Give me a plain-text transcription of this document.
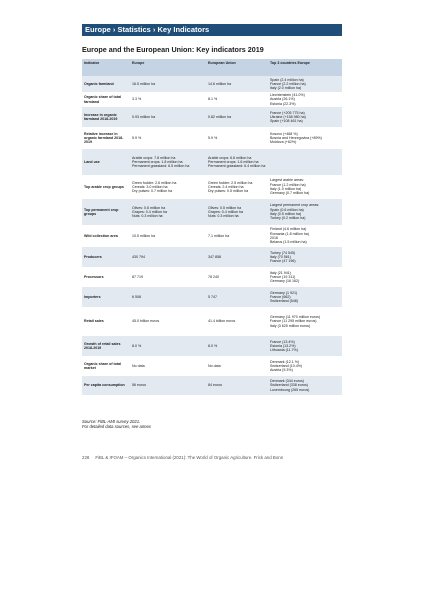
Europe › Statistics › Key Indicators
Europe and the European Union: Key indicators 2019
Indicator	Europe	European Union	Top 3 countries Europe

Organic farmland	16.5 million ha	14.6 million ha	Spain (2.4 million ha)
France (2.2 million ha)
Italy (2.0 million ha)

Organic share of total farmland	3.3 %	8.1 %	Liechtenstein (41.0%)
Austria (26.1%)
Estonia (22.3%)

Increase in organic farmland 2018-2019	0.93 million ha	0.82 million ha	France (+205 775 ha)
Ukraine (+158 980 ha)
Spain (+108 461 ha)

Relative increase in organic farmland 2018-2019	5.9 %	5.9 %	Kosovo (+468 %)
Bosnia and Herzegovina (+89%)
Moldova (+62%)

Land use	Arable crops: 7.8 million ha
Permanent crops: 1.8 million ha
Permanent grassland: 6.5 million ha	Arable crops: 6.6 million ha
Permanent crops: 1.6 million ha
Permanent grassland: 6.4 million ha	

Top arable crop groups	Green fodder: 2.6 million ha
Cereals: 3.0 million ha
Dry pulses: 0.7 million ha	Green fodder: 2.5 million ha
Cereals: 2.4 million ha
Dry pulses: 0.5 million ha	Largest arable areas:
France (1.2 million ha)
Italy (1.0 million ha)
Germany (0.7 million ha)

Top permanent crop groups	Olives: 0.6 million ha
Grapes: 0.4 million ha
Nuts: 0.3 million ha	Olives: 0.5 million ha
Grapes: 0.4 million ha
Nuts: 0.3 million ha	Largest permanent crop areas:
Spain (0.6 million ha)
Italy (0.5 million ha)
Turkey (0.2 million ha)

Wild collection area	10.5 million ha	7.1 million ha	Finland (4.6 million ha)
Romania (1.8 million ha)
2016
Belarus (1.5 million ha)

Producers	430 794	347 858	Turkey (74 545)
Italy (70 561)
France (47 196)

Processors	87 719	78 240	Italy (21 941)
France (19 311)
Germany (16 162)

Importers	6 508	5 747	Germany (1 921)
France (662)
Switzerland (548)

Retail sales	45.0 billion euros	41.4 billion euros	Germany (11 970 million euros)
France (11 295 million euros)
Italy (3 625 million euros)

Growth of retail sales 2018-2019	8.0 %	8.0 %	France (13.4%)
Estonia (13.2%)
Lithuania (11.7%)

Organic share of total market	No data	No data	Denmark (12.1 %)
Switzerland (10.4%)
Austria (9.3%)

Per capita consumption	56 euros	84 euros	Denmark (344 euros)
Switzerland (338 euros)
Luxembourg (265 euros)
Source: FiBL-AMI survey 2021.
For detailed data sources, see annex
228 FiBL & IFOAM – Organics International (2021): The World of Organic Agriculture. Frick and Bonn
